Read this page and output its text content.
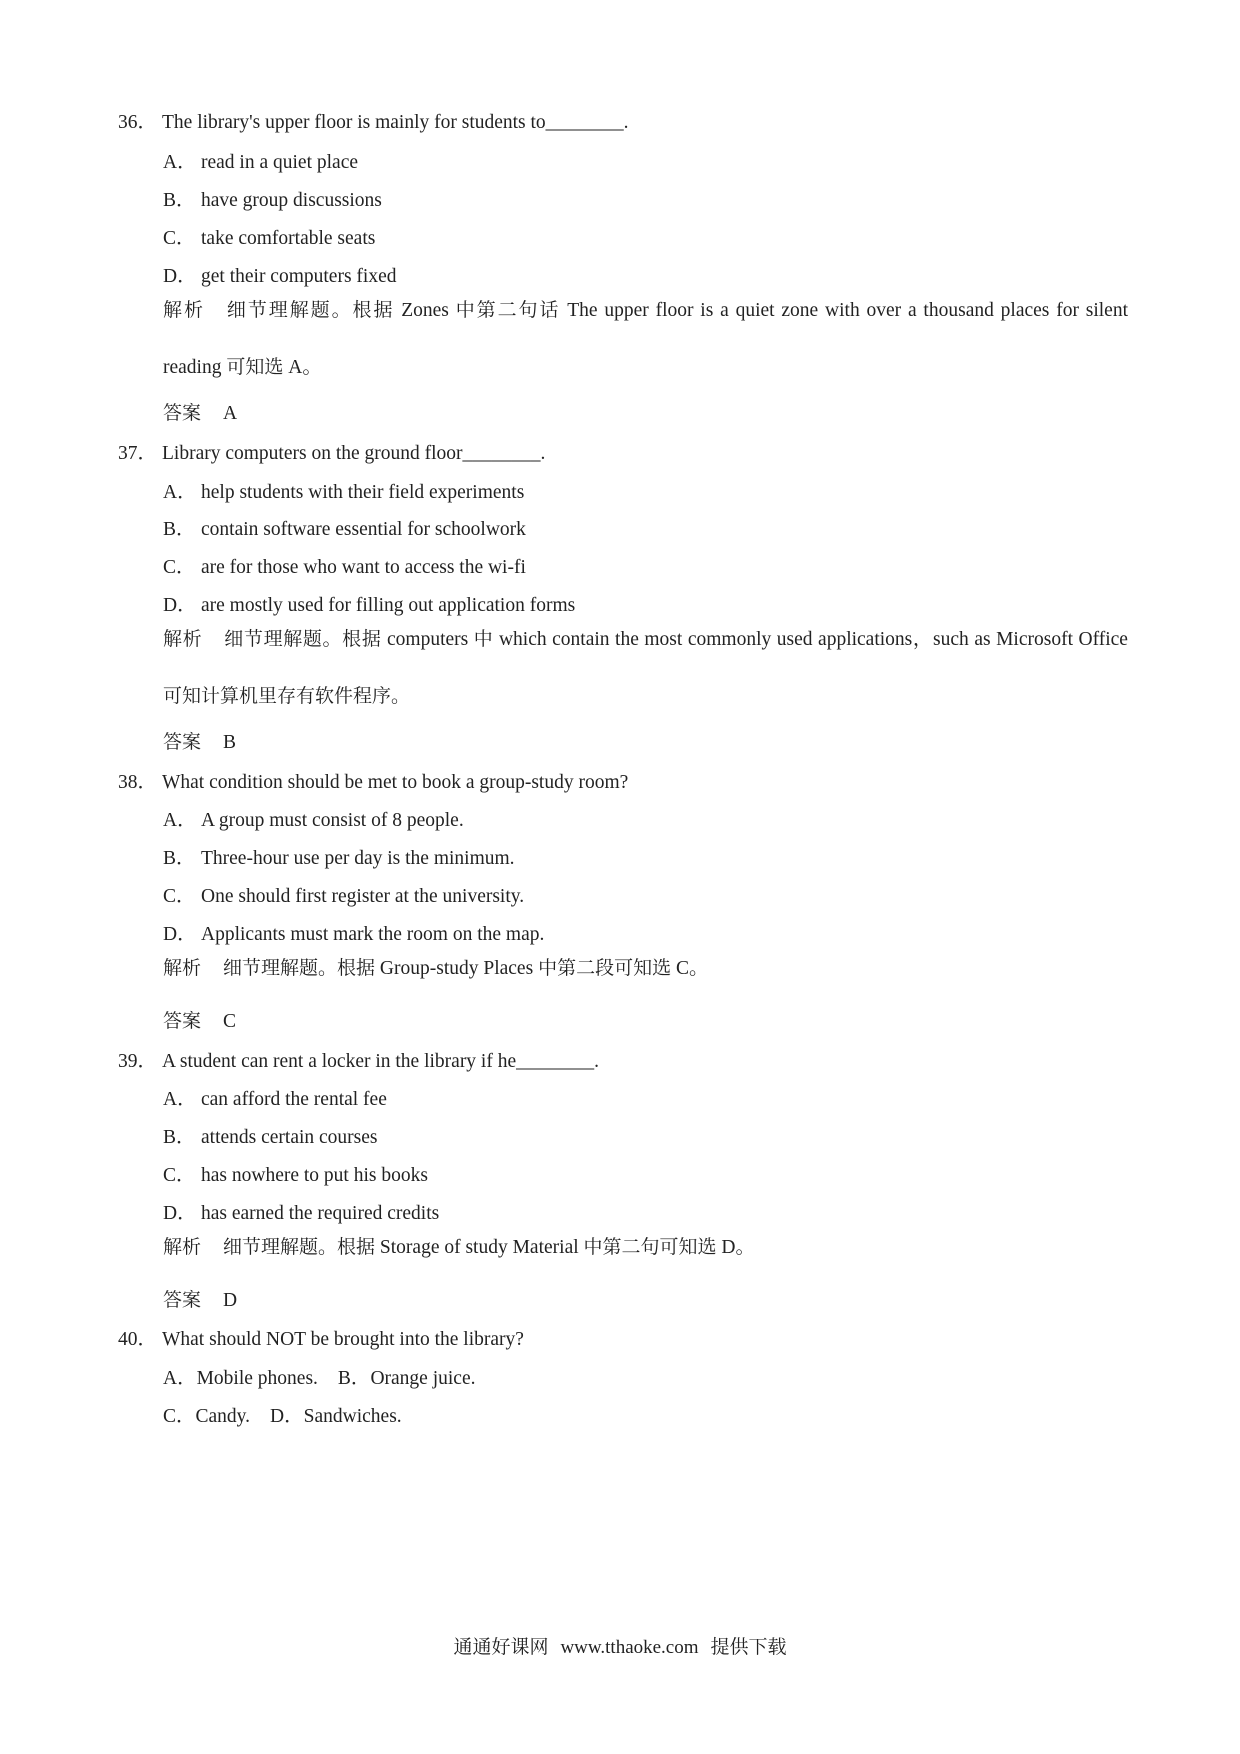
36． The library's upper floor is mainly for students to________.
A． read in a quiet place
B． have group discussions
C． take comfortable seats
D． get their computers fixed
解析 细节理解题。根据 Zones 中第二句话 The upper floor is a quiet zone with over a thousand places for silent reading 可知选 A。
答案 A
37． Library computers on the ground floor________.
A． help students with their field experiments
B． contain software essential for schoolwork
C． are for those who want to access the wi-fi
D． are mostly used for filling out application forms
解析 细节理解题。根据 computers 中 which contain the most commonly used applications，such as Microsoft Office 可知计算机里存有软件程序。
答案 B
38． What condition should be met to book a group-study room?
A． A group must consist of 8 people.
B． Three-hour use per day is the minimum.
C． One should first register at the university.
D． Applicants must mark the room on the map.
解析 细节理解题。根据 Group-study Places 中第二段可知选 C。
答案 C
39． A student can rent a locker in the library if he________.
A． can afford the rental fee
B． attends certain courses
C． has nowhere to put his books
D． has earned the required credits
解析 细节理解题。根据 Storage of study Material 中第二句可知选 D。
答案 D
40． What should NOT be brought into the library?
A．Mobile phones. B．Orange juice.
C．Candy. D．Sandwiches.
通通好课网 www.tthaoke.com 提供下载
